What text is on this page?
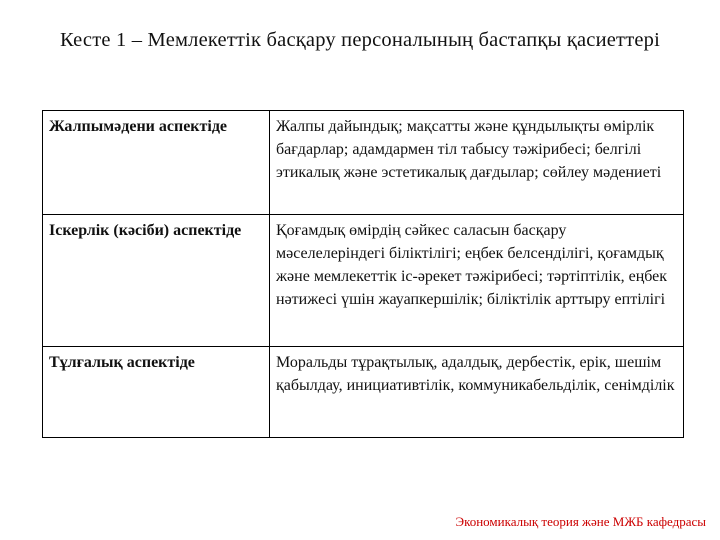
Кесте 1 – Мемлекеттік басқару персоналының бастапқы қасиеттері

Жалпымәдени аспектіде	Жалпы дайындық; мақсатты және құндылықты өмірлік бағдарлар; адамдармен тіл табысу тәжірибесі; белгілі этикалық және эстетикалық дағдылар; сөйлеу мәдениеті
Іскерлік (кәсіби) аспектіде	Қоғамдық өмірдің сәйкес саласын басқару мәселелеріндегі біліктілігі; еңбек белсенділігі, қоғамдық және мемлекеттік іс-әрекет тәжірибесі; тәртіптілік, еңбек нәтижесі үшін жауапкершілік; біліктілік арттыру ептілігі
Тұлғалық аспектіде	Моральды тұрақтылық, адалдық, дербестік, ерік, шешім қабылдау, инициативтілік, коммуникабельділік, сенімділік
Экономикалық теория және МЖБ кафедрасы
